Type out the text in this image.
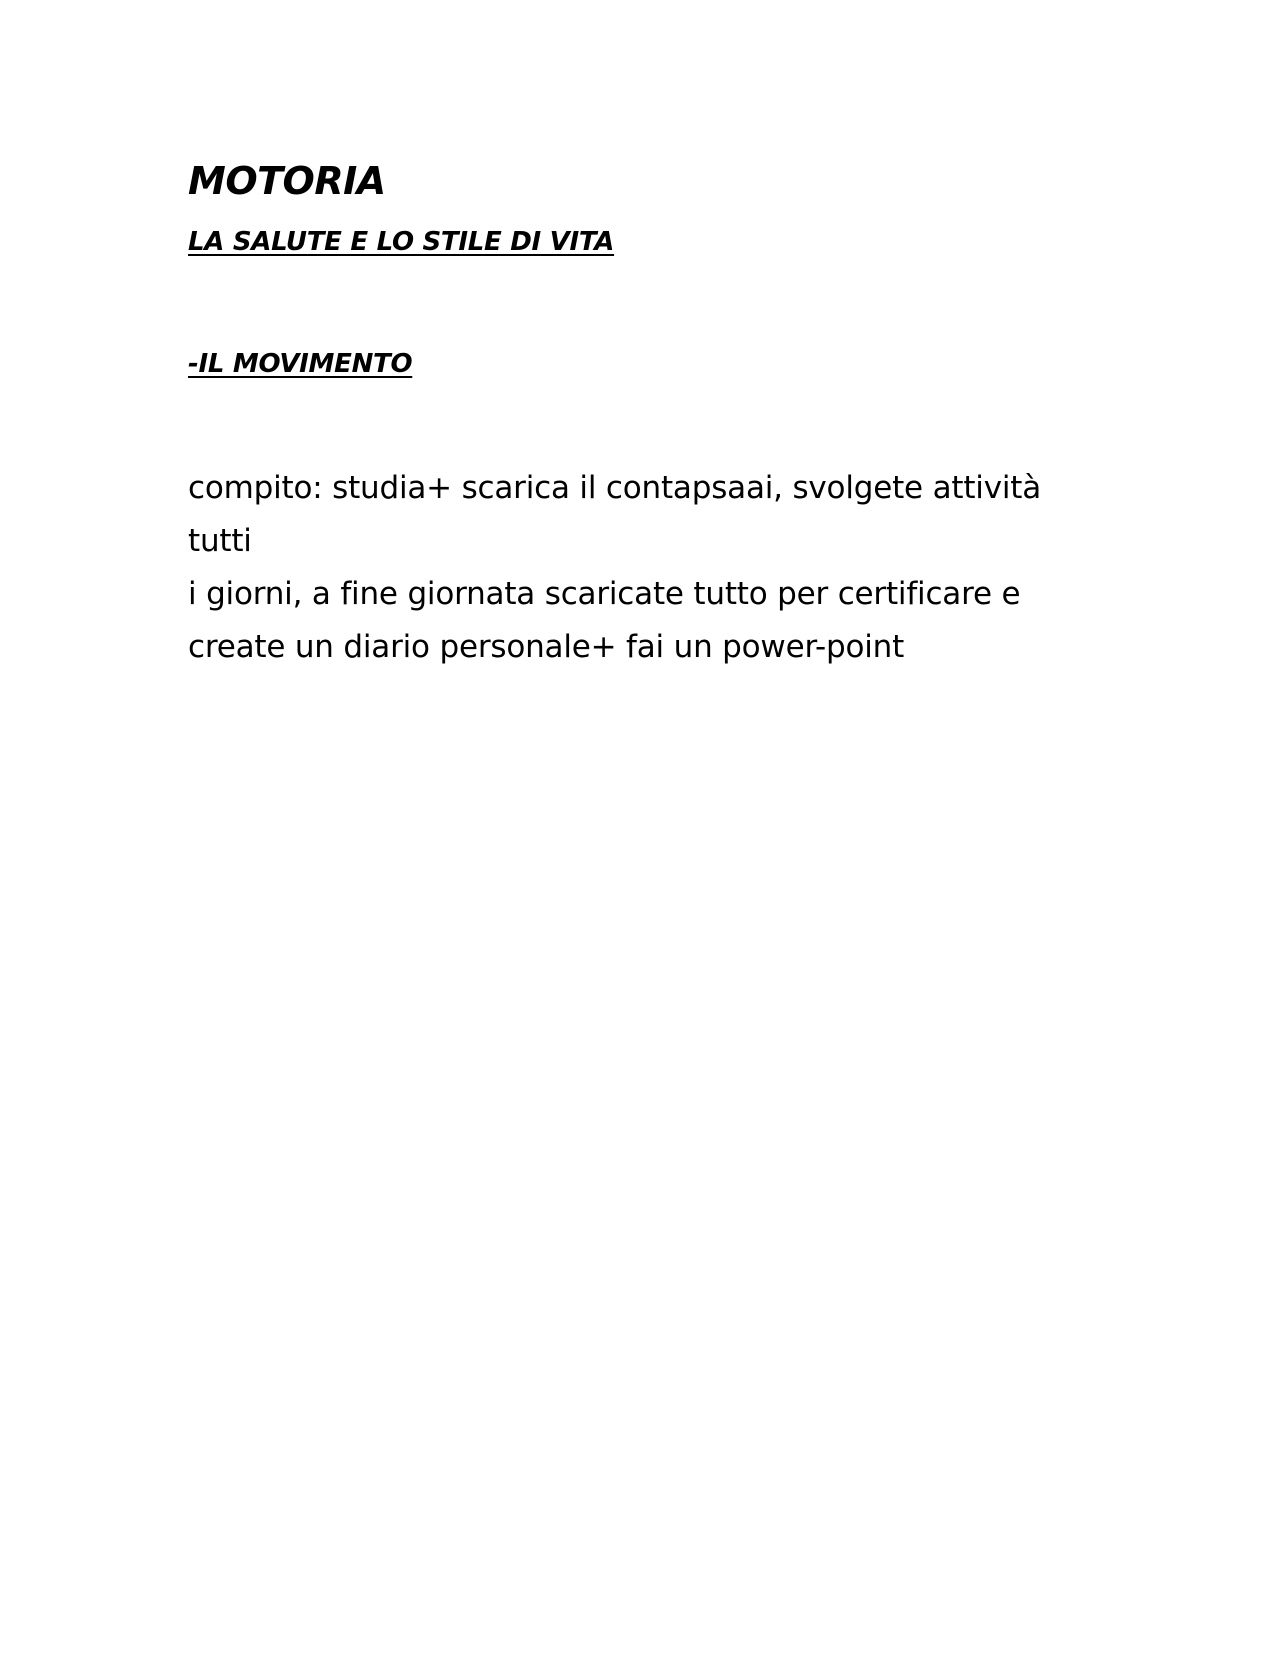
MOTORIA
LA SALUTE E LO STILE DI VITA
-IL MOVIMENTO

compito: studia+ scarica il contapsaai, svolgete attività tutti
i giorni, a fine giornata scaricate tutto per certificare e
create un diario personale+ fai un power-point
